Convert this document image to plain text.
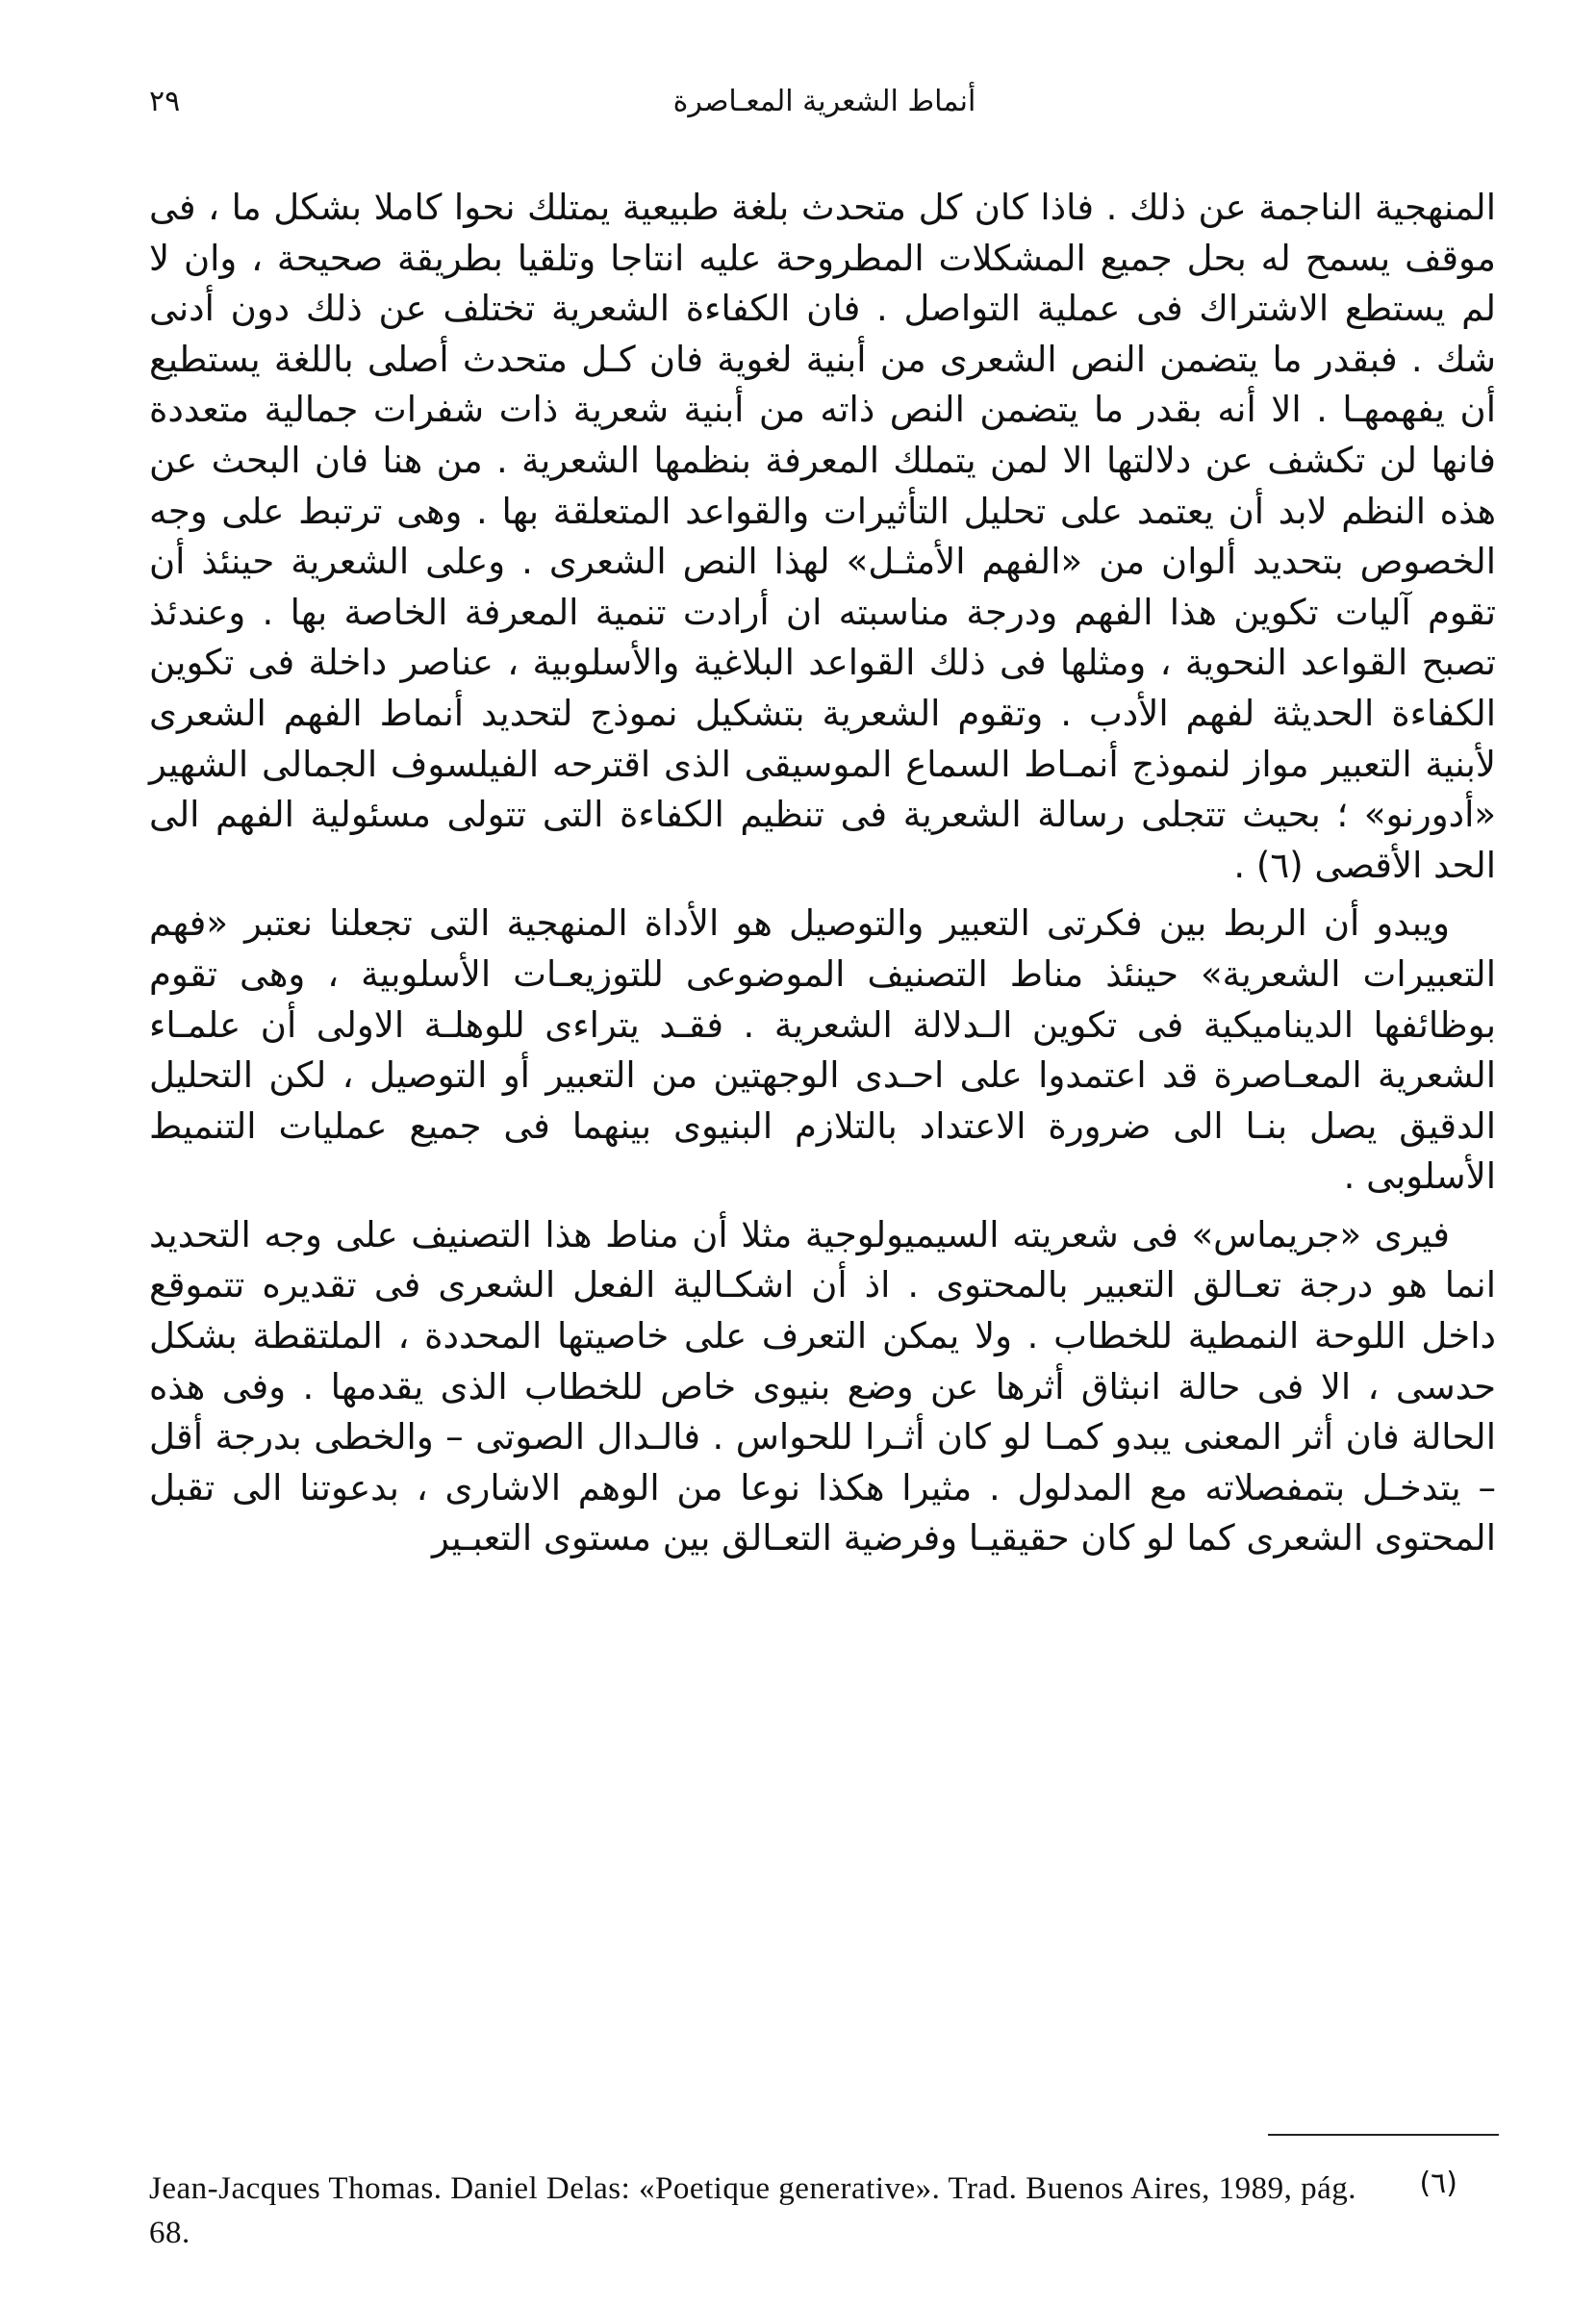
٢٩	أنماط الشعرية المعـاصرة

المنهجية الناجمة عن ذلك . فاذا كان كل متحدث بلغة طبيعية يمتلك نحوا كاملا بشكل ما ، فى موقف يسمح له بحل جميع المشكلات المطروحة عليه انتاجا وتلقيا بطريقة صحيحة ، وان لا لم يستطع الاشتراك فى عملية التواصل . فان الكفاءة الشعرية تختلف عن ذلك دون أدنى شك . فبقدر ما يتضمن النص الشعرى من أبنية لغوية فان كـل متحدث أصلى باللغة يستطيع أن يفهمهـا . الا أنه بقدر ما يتضمن النص ذاته من أبنية شعرية ذات شفرات جمالية متعددة فانها لن تكشف عن دلالتها الا لمن يتملك المعرفة بنظمها الشعرية . من هنا فان البحث عن هذه النظم لابد أن يعتمد على تحليل التأثيرات والقواعد المتعلقة بها . وهى ترتبط على وجه الخصوص بتحديد ألوان من «الفهم الأمثـل» لهذا النص الشعرى . وعلى الشعرية حينئذ أن تقوم آليات تكوين هذا الفهم ودرجة مناسبته ان أرادت تنمية المعرفة الخاصة بها . وعندئذ تصبح القواعد النحوية ، ومثلها فى ذلك القواعد البلاغية والأسلوبية ، عناصر داخلة فى تكوين الكفاءة الحديثة لفهم الأدب . وتقوم الشعرية بتشكيل نموذج لتحديد أنماط الفهم الشعرى لأبنية التعبير مواز لنموذج أنمـاط السماع الموسيقى الذى اقترحه الفيلسوف الجمالى الشهير «أدورنو» ؛ بحيث تتجلى رسالة الشعرية فى تنظيم الكفاءة التى تتولى مسئولية الفهم الى الحد الأقصى (٦) .

ويبدو أن الربط بين فكرتى التعبير والتوصيل هو الأداة المنهجية التى تجعلنا نعتبر «فهم التعبيرات الشعرية» حينئذ مناط التصنيف الموضوعى للتوزيعـات الأسلوبية ، وهى تقوم بوظائفها الديناميكية فى تكوين الـدلالة الشعرية . فقـد يتراءى للوهلـة الاولى أن علمـاء الشعرية المعـاصرة قد اعتمدوا على احـدى الوجهتين من التعبير أو التوصيل ، لكن التحليل الدقيق يصل بنـا الى ضرورة الاعتداد بالتلازم البنيوى بينهما فى جميع عمليات التنميط الأسلوبى .

فيرى «جريماس» فى شعريته السيميولوجية مثلا أن مناط هذا التصنيف على وجه التحديد انما هو درجة تعـالق التعبير بالمحتوى . اذ أن اشكـالية الفعل الشعرى فى تقديره تتموقع داخل اللوحة النمطية للخطاب . ولا يمكن التعرف على خاصيتها المحددة ، الملتقطة بشكل حدسى ، الا فى حالة انبثاق أثرها عن وضع بنيوى خاص للخطاب الذى يقدمها . وفى هذه الحالة فان أثر المعنى يبدو كمـا لو كان أثـرا للحواس . فالـدال الصوتى – والخطى بدرجة أقل – يتدخـل بتمفصلاته مع المدلول . مثيرا هكذا نوعا من الوهم الاشارى ، بدعوتنا الى تقبل المحتوى الشعرى كما لو كان حقيقيـا وفرضية التعـالق بين مستوى التعبـير

(٦)
Jean-Jacques Thomas. Daniel Delas: «Poetique generative». Trad. Buenos Aires, 1989, pág. 68.
